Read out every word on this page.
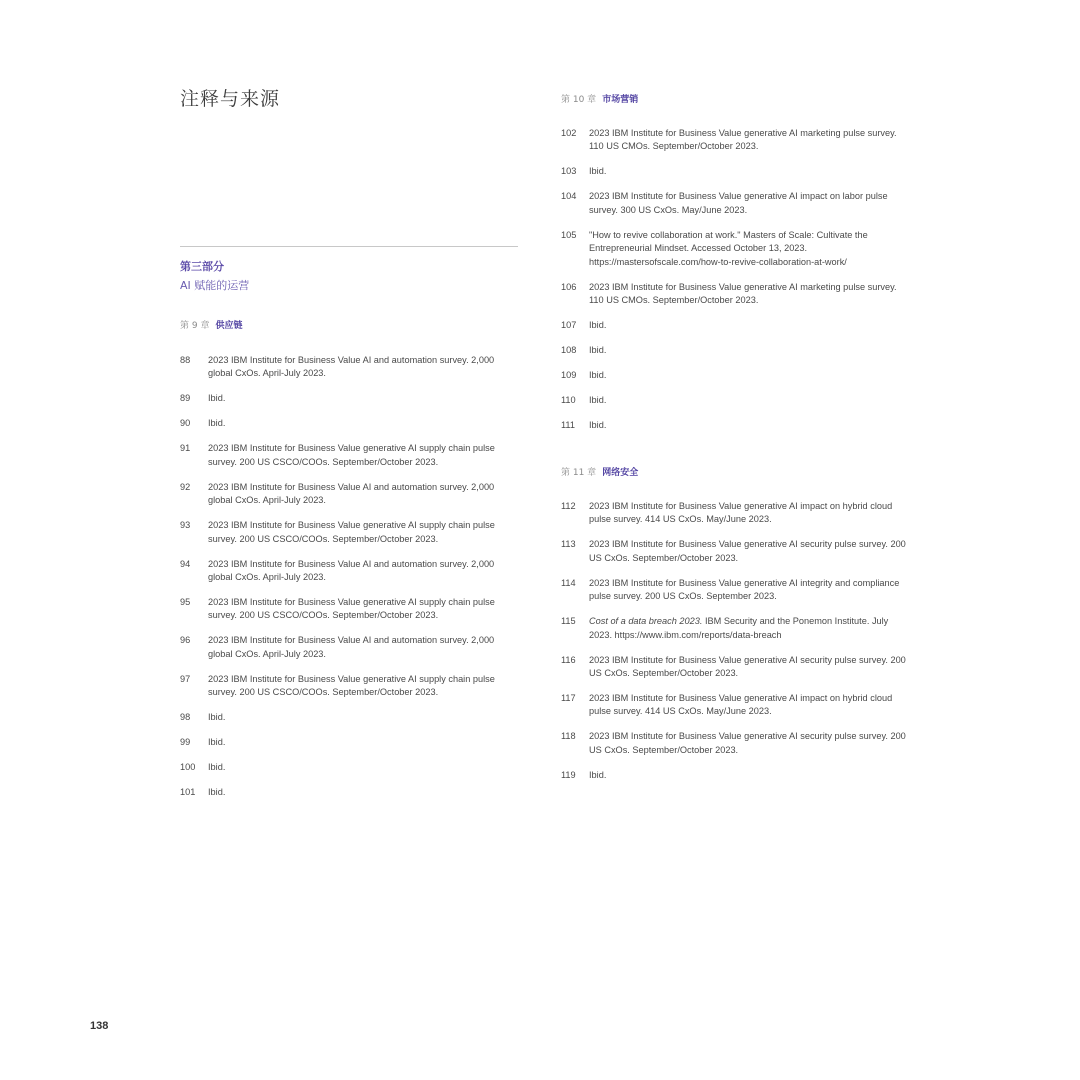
注释与来源
第三部分
AI 赋能的运营
第 9 章 供应链
88	2023 IBM Institute for Business Value AI and automation survey. 2,000 global CxOs. April-July 2023.
89	Ibid.
90	Ibid.
91	2023 IBM Institute for Business Value generative AI supply chain pulse survey. 200 US CSCO/COOs. September/October 2023.
92	2023 IBM Institute for Business Value AI and automation survey. 2,000 global CxOs. April-July 2023.
93	2023 IBM Institute for Business Value generative AI supply chain pulse survey. 200 US CSCO/COOs. September/October 2023.
94	2023 IBM Institute for Business Value AI and automation survey. 2,000 global CxOs. April-July 2023.
95	2023 IBM Institute for Business Value generative AI supply chain pulse survey. 200 US CSCO/COOs. September/October 2023.
96	2023 IBM Institute for Business Value AI and automation survey. 2,000 global CxOs. April-July 2023.
97	2023 IBM Institute for Business Value generative AI supply chain pulse survey. 200 US CSCO/COOs. September/October 2023.
98	Ibid.
99	Ibid.
100	Ibid.
101	Ibid.
第 10 章 市场营销
102	2023 IBM Institute for Business Value generative AI marketing pulse survey. 110 US CMOs. September/October 2023.
103	Ibid.
104	2023 IBM Institute for Business Value generative AI impact on labor pulse survey. 300 US CxOs. May/June 2023.
105	"How to revive collaboration at work." Masters of Scale: Cultivate the Entrepreneurial Mindset. Accessed October 13, 2023. https://mastersofscale.com/how-to-revive-collaboration-at-work/
106	2023 IBM Institute for Business Value generative AI marketing pulse survey. 110 US CMOs. September/October 2023.
107	Ibid.
108	Ibid.
109	Ibid.
110	Ibid.
111	Ibid.
第 11 章 网络安全
112	2023 IBM Institute for Business Value generative AI impact on hybrid cloud pulse survey. 414 US CxOs. May/June 2023.
113	2023 IBM Institute for Business Value generative AI security pulse survey. 200 US CxOs. September/October 2023.
114	2023 IBM Institute for Business Value generative AI integrity and compliance pulse survey. 200 US CxOs. September 2023.
115	Cost of a data breach 2023. IBM Security and the Ponemon Institute. July 2023. https://www.ibm.com/reports/data-breach
116	2023 IBM Institute for Business Value generative AI security pulse survey. 200 US CxOs. September/October 2023.
117	2023 IBM Institute for Business Value generative AI impact on hybrid cloud pulse survey. 414 US CxOs. May/June 2023.
118	2023 IBM Institute for Business Value generative AI security pulse survey. 200 US CxOs. September/October 2023.
119	Ibid.
138
